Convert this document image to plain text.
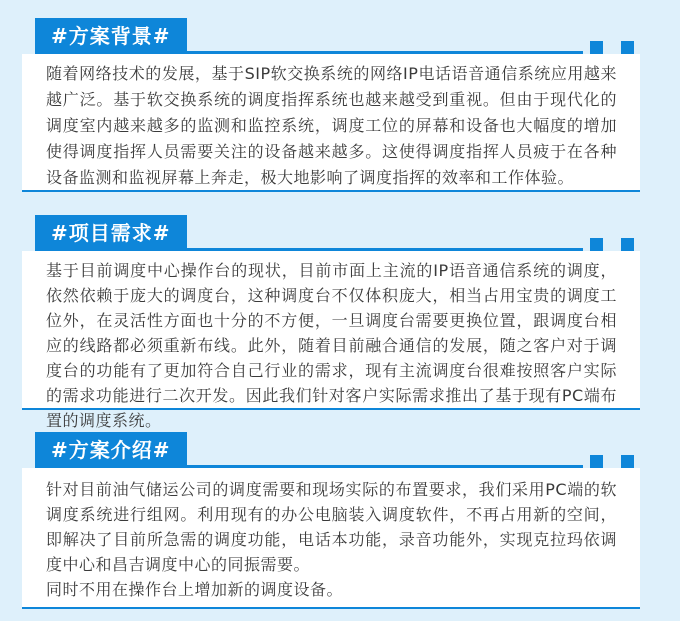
#方案背景#

随着网络技术的发展，基于SIP软交换系统的网络IP电话语音通信系统应用越来越广泛。基于软交换系统的调度指挥系统也越来越受到重视。但由于现代化的调度室内越来越多的监测和监控系统，调度工位的屏幕和设备也大幅度的增加使得调度指挥人员需要关注的设备越来越多。这使得调度指挥人员疲于在各种设备监测和监视屏幕上奔走，极大地影响了调度指挥的效率和工作体验。

#项目需求#

基于目前调度中心操作台的现状，目前市面上主流的IP语音通信系统的调度，依然依赖于庞大的调度台，这种调度台不仅体积庞大，相当占用宝贵的调度工位外，在灵活性方面也十分的不方便，一旦调度台需要更换位置，跟调度台相应的线路都必须重新布线。此外，随着目前融合通信的发展，随之客户对于调度台的功能有了更加符合自己行业的需求，现有主流调度台很难按照客户实际的需求功能进行二次开发。因此我们针对客户实际需求推出了基于现有PC端布置的调度系统。

#方案介绍#

针对目前油气储运公司的调度需要和现场实际的布置要求，我们采用PC端的软调度系统进行组网。利用现有的办公电脑装入调度软件，不再占用新的空间，即解决了目前所急需的调度功能，电话本功能，录音功能外，实现克拉玛依调度中心和昌吉调度中心的同振需要。

同时不用在操作台上增加新的调度设备。
